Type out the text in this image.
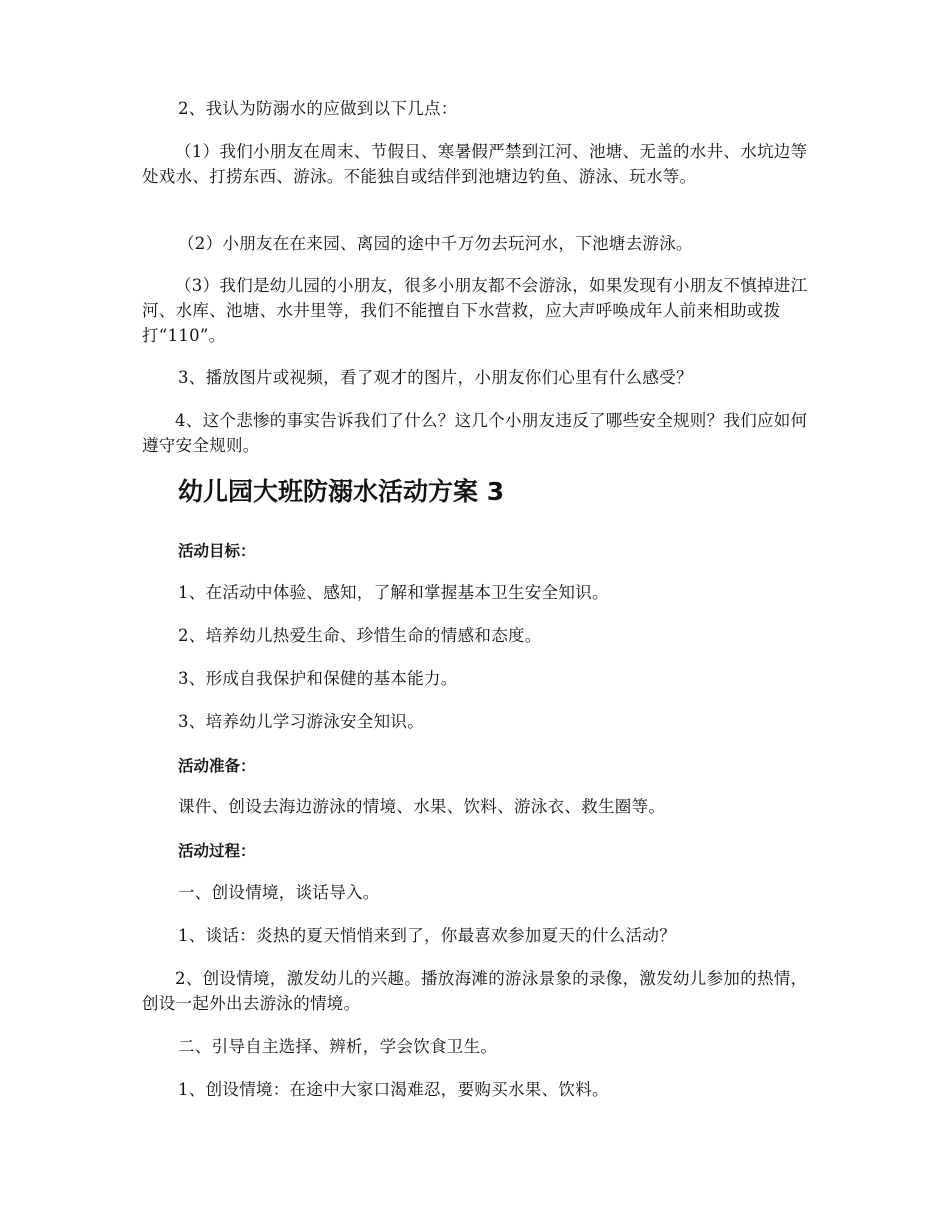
2、我认为防溺水的应做到以下几点：

（1）我们小朋友在周末、节假日、寒暑假严禁到江河、池塘、无盖的水井、水坑边等处戏水、打捞东西、游泳。不能独自或结伴到池塘边钓鱼、游泳、玩水等。

（2）小朋友在在来园、离园的途中千万勿去玩河水，下池塘去游泳。

（3）我们是幼儿园的小朋友，很多小朋友都不会游泳，如果发现有小朋友不慎掉进江河、水库、池塘、水井里等，我们不能擅自下水营救，应大声呼唤成年人前来相助或拨打“110”。

3、播放图片或视频，看了观才的图片，小朋友你们心里有什么感受？

4、这个悲惨的事实告诉我们了什么？这几个小朋友违反了哪些安全规则？我们应如何遵守安全规则。

幼儿园大班防溺水活动方案 3

活动目标：

1、在活动中体验、感知，了解和掌握基本卫生安全知识。

2、培养幼儿热爱生命、珍惜生命的情感和态度。

3、形成自我保护和保健的基本能力。

3、培养幼儿学习游泳安全知识。

活动准备：

课件、创设去海边游泳的情境、水果、饮料、游泳衣、救生圈等。

活动过程：

一、创设情境，谈话导入。

1、谈话：炎热的夏天悄悄来到了，你最喜欢参加夏天的什么活动？

2、创设情境，激发幼儿的兴趣。播放海滩的游泳景象的录像，激发幼儿参加的热情，创设一起外出去游泳的情境。

二、引导自主选择、辨析，学会饮食卫生。

1、创设情境：在途中大家口渴难忍，要购买水果、饮料。
